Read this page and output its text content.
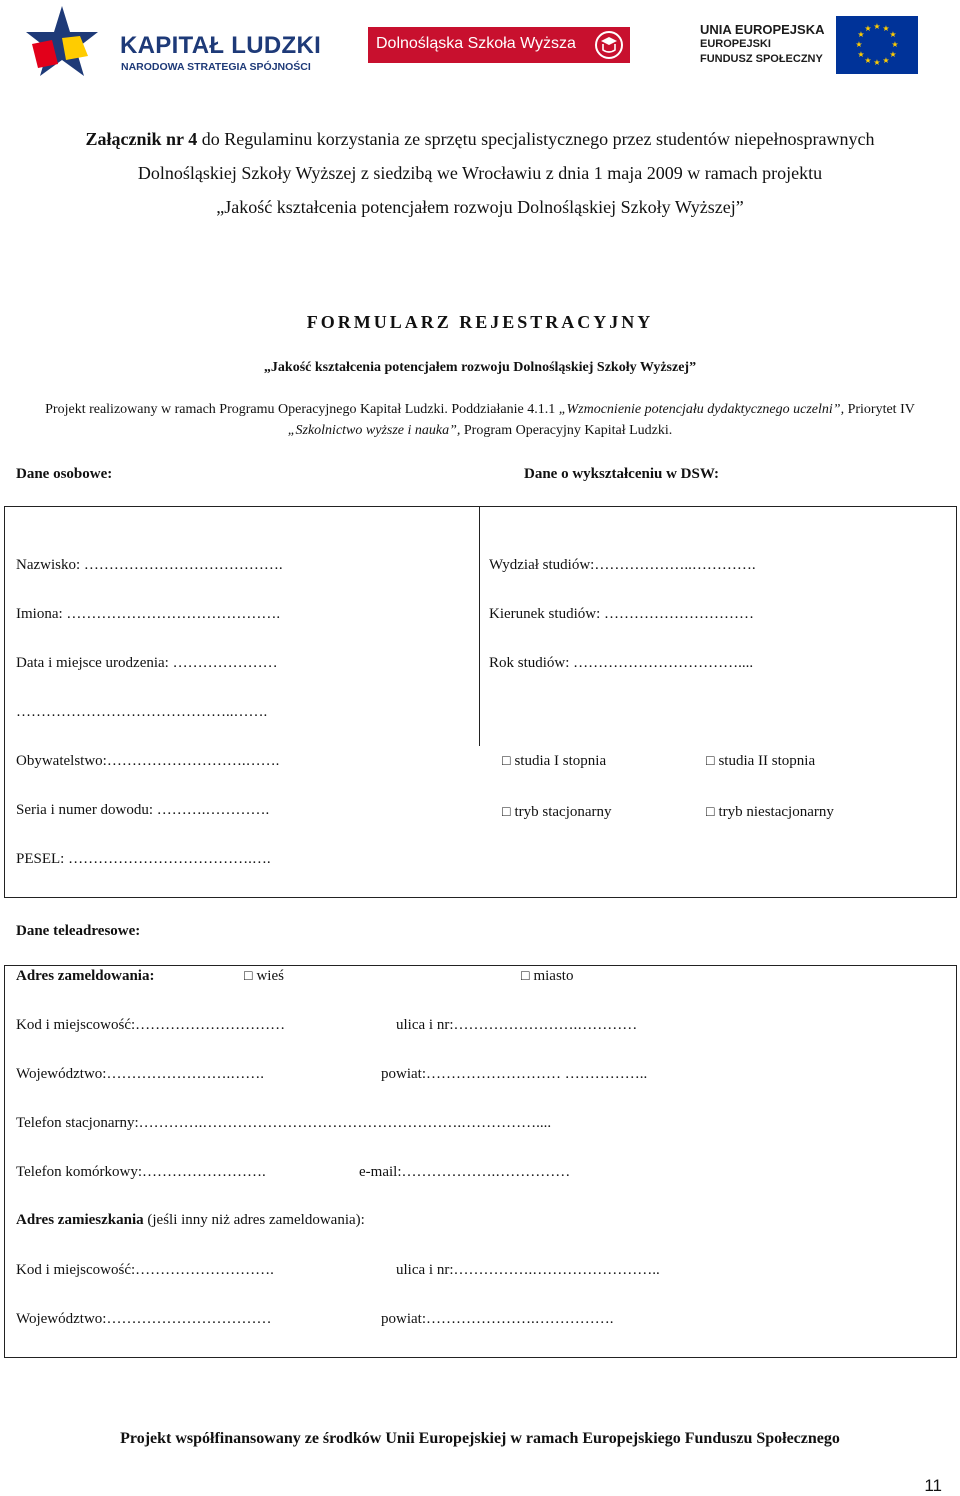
KAPITAŁ LUDZKI
NARODOWA STRATEGIA SPÓJNOŚCI
Dolnośląska Szkoła Wyższa
UNIA EUROPEJSKA
EUROPEJSKI
FUNDUSZ SPOŁECZNY
★ ★
★
★
★
★
★
★
★
★
★
★
Załącznik nr 4 do Regulaminu korzystania ze sprzętu specjalistycznego przez studentów niepełnosprawnych
Dolnośląskiej Szkoły Wyższej z siedzibą we Wrocławiu z dnia 1 maja 2009 w ramach projektu
„Jakość kształcenia potencjałem rozwoju Dolnośląskiej Szkoły Wyższej”
FORMULARZ REJESTRACYJNY
„Jakość kształcenia potencjałem rozwoju Dolnośląskiej Szkoły Wyższej”
Projekt realizowany w ramach Programu Operacyjnego Kapitał Ludzki. Poddziałanie 4.1.1 „Wzmocnienie potencjału dydaktycznego uczelni”, Priorytet IV „Szkolnictwo wyższe i nauka”, Program Operacyjny Kapitał Ludzki.
Dane osobowe:	Dane o wykształceniu w DSW:
Nazwisko: ………………………………….
Imiona: …………………………………….
Data i miejsce urodzenia: …………………
……………………………………..…….
Obywatelstwo:……………………….…….
Seria i numer dowodu: ……….………….
PESEL: ……………………………….….
Wydział studiów:………………..………….
Kierunek studiów: …………………………
Rok studiów: ……………………………....
□ studia I stopnia	□ studia II stopnia
□ tryb stacjonarny	□ tryb niestacjonarny
Dane teleadresowe:
Adres zameldowania:	□ wieś	□ miasto
Kod i miejscowość:…………………………	ulica i nr:…………………….…………
Województwo:…………………….…….	powiat:……………………… ……………..
Telefon stacjonarny:………….…………………………………………….……………....
Telefon komórkowy:…………………….	e-mail:……………….……………
Adres zamieszkania (jeśli inny niż adres zameldowania):
Kod i miejscowość:……………………….	ulica i nr:…………….……………………..
Województwo:……………………………	powiat:………………….…………….
Projekt współfinansowany ze środków Unii Europejskiej w ramach Europejskiego Funduszu Społecznego
11
